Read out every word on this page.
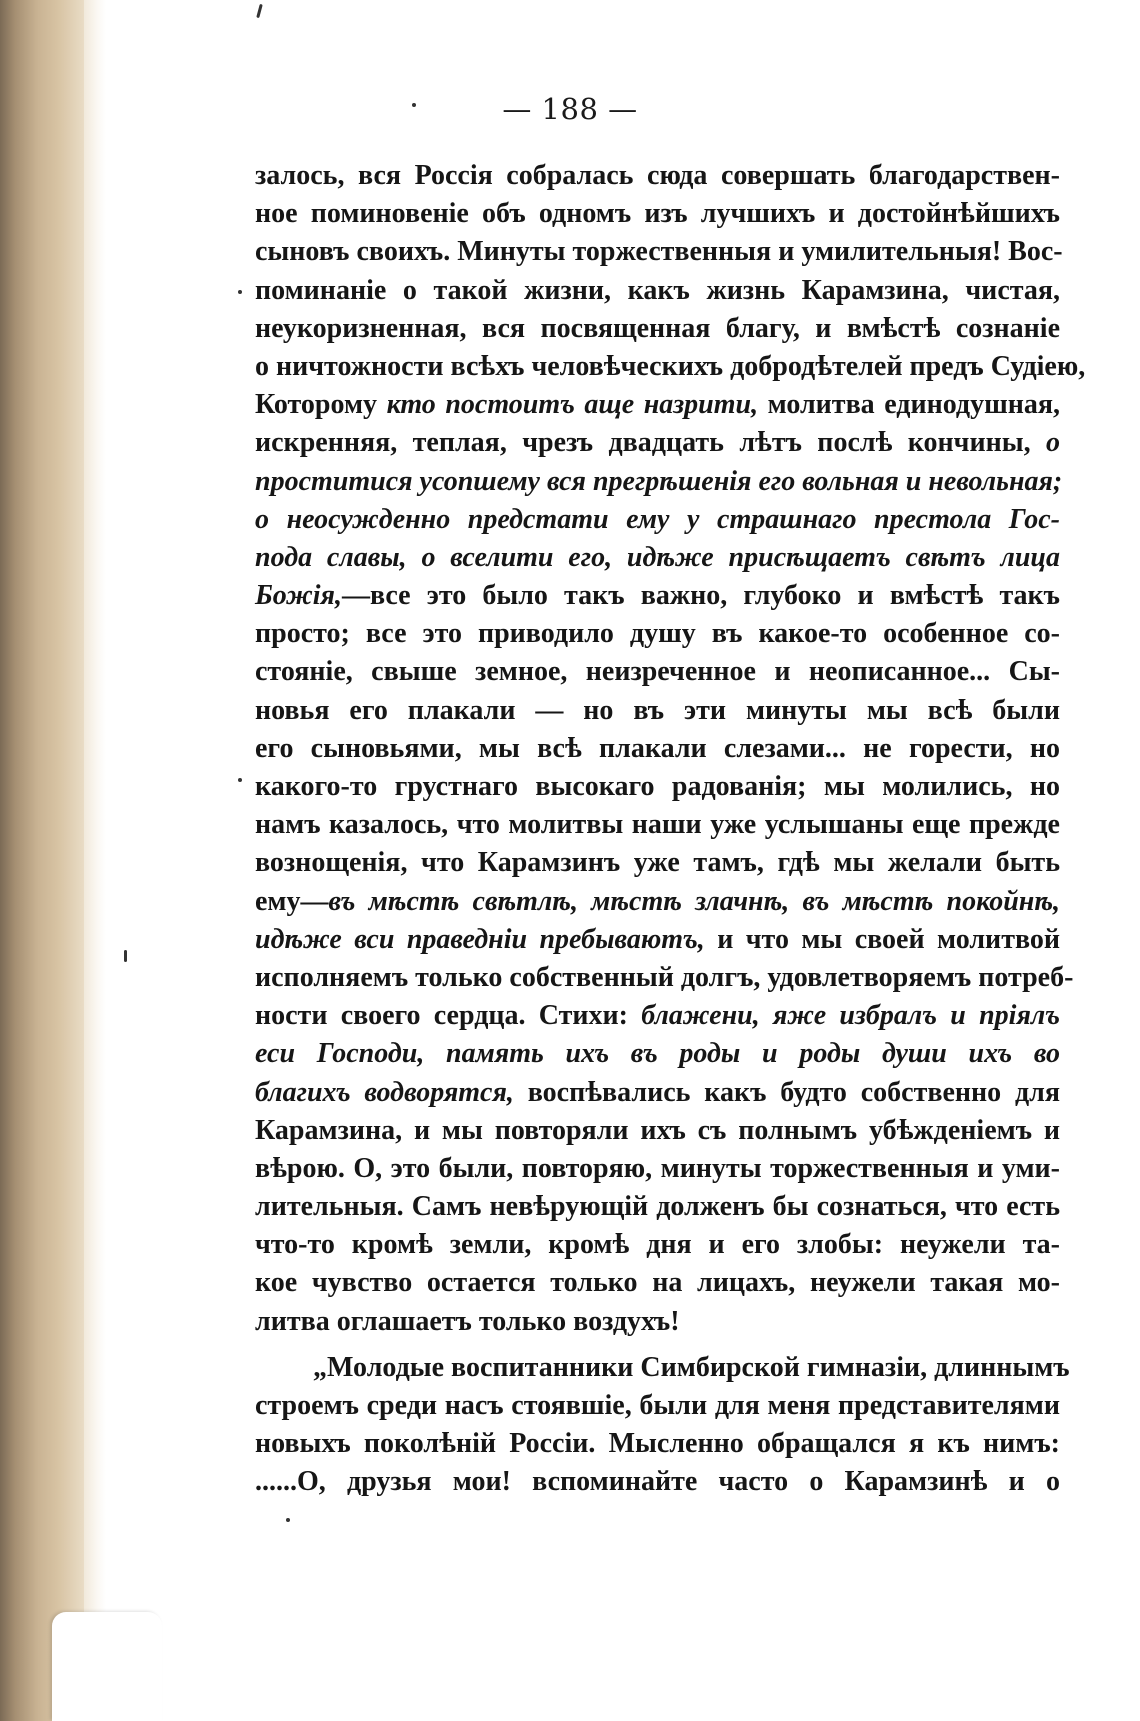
— 188 —
залось, вся Россія собралась сюда совершать благодарствен-
ное поминовеніе объ одномъ изъ лучшихъ и достойнѣйшихъ
сыновъ своихъ. Минуты торжественныя и умилительныя! Вос-
поминаніе о такой жизни, какъ жизнь Карамзина, чистая,
неукоризненная, вся посвященная благу, и вмѣстѣ сознаніе
о ничтожности всѣхъ человѣческихъ добродѣтелей предъ Судіею,
Которому кто постоитъ аще назрити, молитва единодушная,
искренняя, теплая, чрезъ двадцать лѣтъ послѣ кончины, о
проститися усопшему вся прегрѣшенія его вольная и невольная;
о неосужденно предстати ему у страшнаго престола Гос-
пода славы, о вселити его, идѣже присѣщаетъ свѣтъ лица
Божія,—все это было такъ важно, глубоко и вмѣстѣ такъ
просто; все это приводило душу въ какое-то особенное со-
стояніе, свыше земное, неизреченное и неописанное... Сы-
новья его плакали — но въ эти минуты мы всѣ были
его сыновьями, мы всѣ плакали слезами... не горести, но
какого-то грустнаго высокаго радованія; мы молились, но
намъ казалось, что молитвы наши уже услышаны еще прежде
вознощенія, что Карамзинъ уже тамъ, гдѣ мы желали быть
ему—въ мѣстѣ свѣтлѣ, мѣстѣ злачнѣ, въ мѣстѣ покойнѣ,
идѣже вси праведніи пребываютъ, и что мы своей молитвой
исполняемъ только собственный долгъ, удовлетворяемъ потреб-
ности своего сердца. Стихи: блажени, яже избралъ и пріялъ
еси Господи, память ихъ въ роды и роды души ихъ во
благихъ водворятся, воспѣвались какъ будто собственно для
Карамзина, и мы повторяли ихъ съ полнымъ убѣжденіемъ и
вѣрою. О, это были, повторяю, минуты торжественныя и уми-
лительныя. Самъ невѣрующій долженъ бы сознаться, что есть
что-то кромѣ земли, кромѣ дня и его злобы: неужели та-
кое чувство остается только на лицахъ, неужели такая мо-
литва оглашаетъ только воздухъ!
„Молодые воспитанники Симбирской гимназіи, длиннымъ
строемъ среди насъ стоявшіе, были для меня представителями
новыхъ поколѣній Россіи. Мысленно обращался я къ нимъ:
......О, друзья мои! вспоминайте часто о Карамзинѣ и о
